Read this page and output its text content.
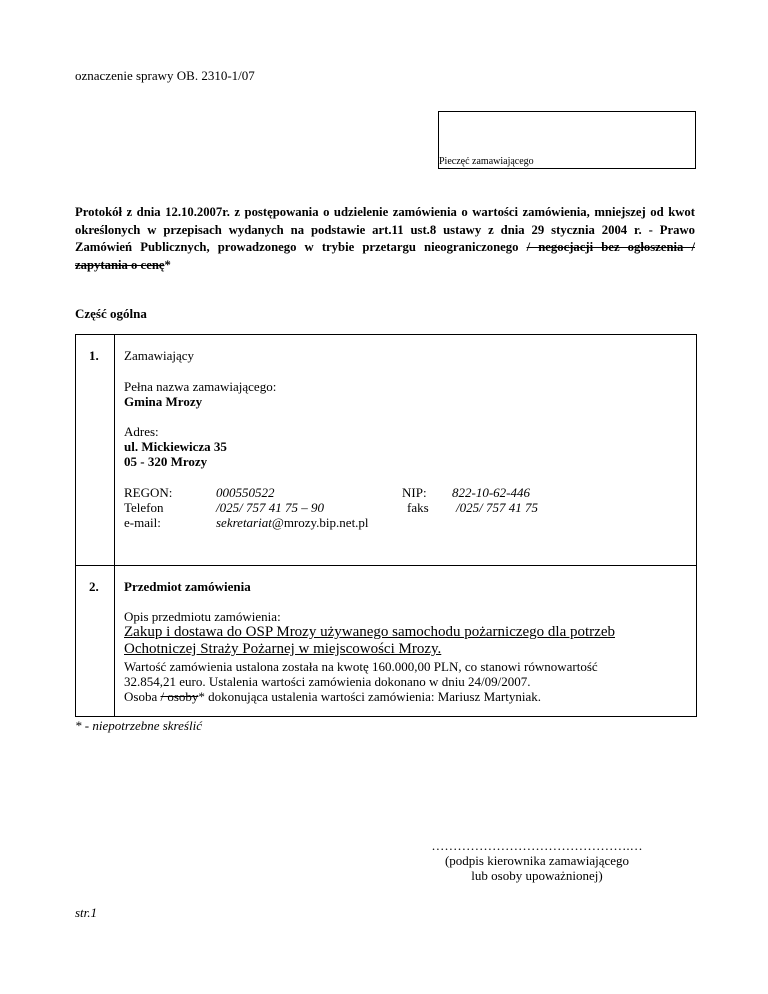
oznaczenie sprawy OB. 2310-1/07
Pieczęć zamawiającego
Protokół z dnia 12.10.2007r. z postępowania o udzielenie zamówienia o wartości zamówienia, mniejszej od kwot określonych w przepisach wydanych na podstawie art.11 ust.8 ustawy z dnia 29 stycznia 2004 r. - Prawo Zamówień Publicznych, prowadzonego w trybie przetargu nieograniczonego / negocjacji bez ogłoszenia / zapytania o cenę*
Część ogólna
1. Zamawiający
Pełna nazwa zamawiającego:
Gmina Mrozy
Adres:
ul. Mickiewicza 35
05 - 320 Mrozy
REGON:
Telefon
e-mail:
000550522
/025/ 757 41 75 – 90
sekretariat@mrozy.bip.net.pl
NIP:
faks
822-10-62-446
/025/ 757 41 75
2. Przedmiot zamówienia
Opis przedmiotu zamówienia:
Zakup i dostawa do OSP Mrozy używanego samochodu pożarniczego dla potrzeb
Ochotniczej Straży Pożarnej w miejscowości Mrozy.
Wartość zamówienia ustalona została na kwotę 160.000,00 PLN, co stanowi równowartość
32.854,21 euro. Ustalenia wartości zamówienia dokonano w dniu 24/09/2007.
Osoba / osoby* dokonująca ustalenia wartości zamówienia: Mariusz Martyniak.
* - niepotrzebne skreślić
……………………………………….…
(podpis kierownika zamawiającego
lub osoby upoważnionej)
str.1
